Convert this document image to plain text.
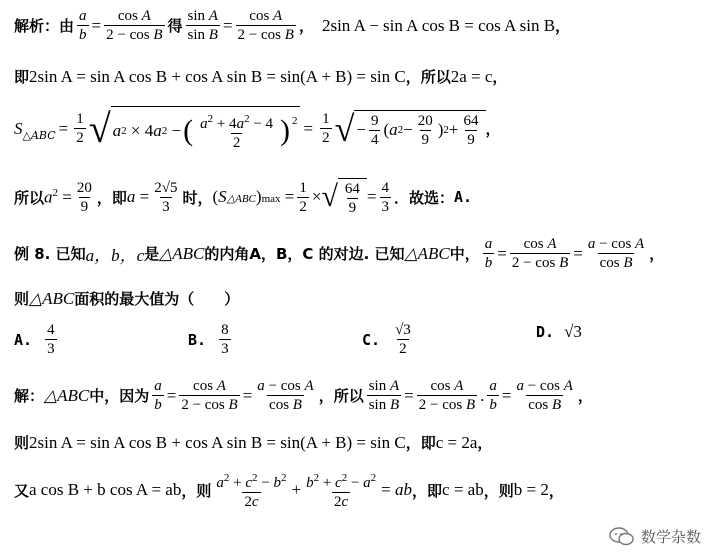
解析：由 $\frac{a}{b} = \frac{\text{cos A}}{\text{2 − cos B}}$ 得 $\frac{\text{sin A}}{\text{sin B}} = \frac{\text{cos A}}{\text{2 − cos B}}$ ， 2sin A − sin A cos B = cos A sin B ，
即 2sin A = sin A cos B + cos A sin B = sin(A + B) = sin C ，所以 2a = c ，
S △ABC = $\frac{1}{2}$ √ a 2 × 4 a 2 − ( $\frac{a^2 + 4a^2 - 4}{2} )^2 = \frac{1}{2}$ √ − $\frac{9}{4}$ ( a $2 - \frac{20}{9}$ ) $2 + \frac{64}{9}$ ，
所以 $a^2 = \frac{20}{9}$ ，即 $a = \frac{2√5}{3}$ 时， (S△ABC)max = $\frac{1}{2}$ × √ $\frac{64}{9} = \frac{4}{3}$ ．故选： A.
例 8. 已知 a，b，c 是 △ABC 的内角A，B，C 的对边. 已知 △ABC 中， $\frac{a}{b} = \frac{\text{cos A}}{\text{2 − cos B}} = \frac{\text{a − cos A}}{\text{cos B}}$ ，
则 △ABC 面积的最大值为（　　）
A. $\frac{4}{3}$	B. $\frac{8}{3}$	C. $\frac{√3}{2}$	D. √3
解： △ABC 中，因为 $\frac{a}{b} = \frac{\text{cos A}}{\text{2 − cos B}} = \frac{\text{a − cos A}}{\text{cos B}}$ ，所以 $\frac{\text{sin A}}{\text{sin B}} = \frac{\text{cos A}}{\text{2 − cos B}}$ . $\frac{a}{b} = \frac{\text{a − cos A}}{\text{cos B}}$ ，
则 2sin A = sin A cos B + cos A sin B = sin(A + B) = sin C ，即 c = 2a ，
又 a cos B + b cos A = ab ，则 $\frac{a^2 + c^2 - b^2}{2c} + \frac{b^2 + c^2 - a^2}{2c}$ = ab ，即 c = ab ，则 b = 2 ，
数学杂数
